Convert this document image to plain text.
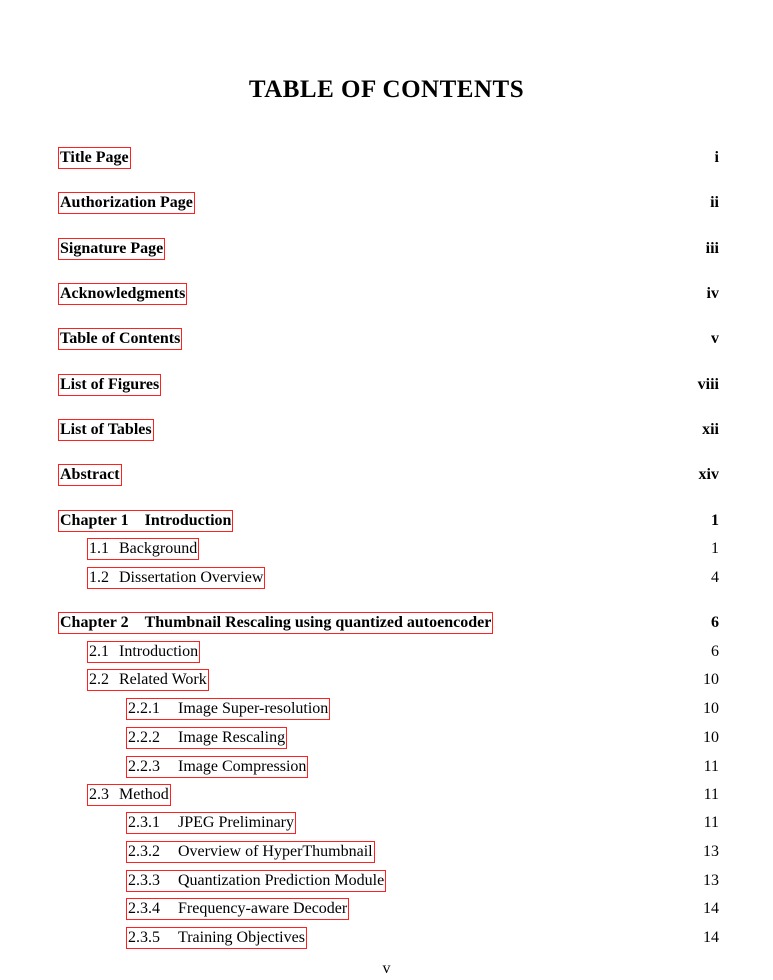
TABLE OF CONTENTS
Title Page	i
Authorization Page	ii
Signature Page	iii
Acknowledgments	iv
Table of Contents	v
List of Figures	viii
List of Tables	xii
Abstract	xiv
Chapter 1 Introduction	1
1.1 Background	1
1.2 Dissertation Overview	4
Chapter 2 Thumbnail Rescaling using quantized autoencoder	6
2.1 Introduction	6
2.2 Related Work	10
2.2.1 Image Super-resolution	10
2.2.2 Image Rescaling	10
2.2.3 Image Compression	11
2.3 Method	11
2.3.1 JPEG Preliminary	11
2.3.2 Overview of HyperThumbnail	13
2.3.3 Quantization Prediction Module	13
2.3.4 Frequency-aware Decoder	14
2.3.5 Training Objectives	14
v
